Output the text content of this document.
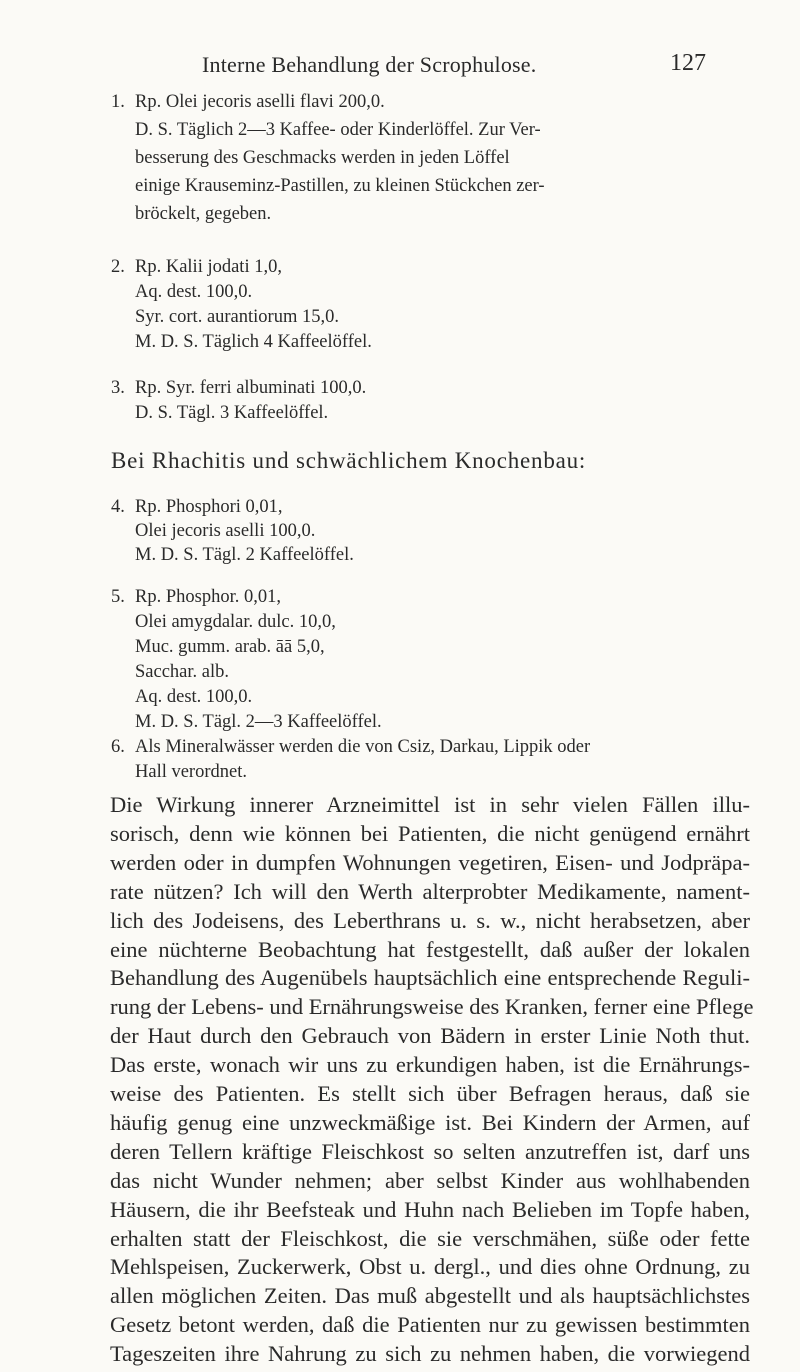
Interne Behandlung der Scrophulose.	127
1. Rp. Olei jecoris aselli flavi 200,0.
D. S. Täglich 2—3 Kaffee- oder Kinderlöffel. Zur Ver-
besserung des Geschmacks werden in jeden Löffel
einige Krauseminz-Pastillen, zu kleinen Stückchen zer-
bröckelt, gegeben.
2. Rp. Kalii jodati 1,0,
Aq. dest. 100,0.
Syr. cort. aurantiorum 15,0.
M. D. S. Täglich 4 Kaffeelöffel.
3. Rp. Syr. ferri albuminati 100,0.
D. S. Tägl. 3 Kaffeelöffel.
Bei Rhachitis und schwächlichem Knochenbau:
4. Rp. Phosphori 0,01,
Olei jecoris aselli 100,0.
M. D. S. Tägl. 2 Kaffeelöffel.
5. Rp. Phosphor. 0,01,
Olei amygdalar. dulc. 10,0,
Muc. gumm. arab. āā 5,0,
Sacchar. alb.
Aq. dest. 100,0.
M. D. S. Tägl. 2—3 Kaffeelöffel.
6. Als Mineralwässer werden die von Csiz, Darkau, Lippik oder
Hall verordnet.
Die Wirkung innerer Arzneimittel ist in sehr vielen Fällen illu-
sorisch, denn wie können bei Patienten, die nicht genügend ernährt
werden oder in dumpfen Wohnungen vegetiren, Eisen- und Jodpräpa-
rate nützen? Ich will den Werth alterprobter Medikamente, nament-
lich des Jodeisens, des Leberthrans u. s. w., nicht herabsetzen, aber
eine nüchterne Beobachtung hat festgestellt, daß außer der lokalen
Behandlung des Augenübels hauptsächlich eine entsprechende Reguli-
rung der Lebens- und Ernährungsweise des Kranken, ferner eine Pflege
der Haut durch den Gebrauch von Bädern in erster Linie Noth thut.
Das erste, wonach wir uns zu erkundigen haben, ist die Ernährungs-
weise des Patienten. Es stellt sich über Befragen heraus, daß sie
häufig genug eine unzweckmäßige ist. Bei Kindern der Armen, auf
deren Tellern kräftige Fleischkost so selten anzutreffen ist, darf uns
das nicht Wunder nehmen; aber selbst Kinder aus wohlhabenden
Häusern, die ihr Beefsteak und Huhn nach Belieben im Topfe haben,
erhalten statt der Fleischkost, die sie verschmähen, süße oder fette
Mehlspeisen, Zuckerwerk, Obst u. dergl., und dies ohne Ordnung, zu
allen möglichen Zeiten. Das muß abgestellt und als hauptsächlichstes
Gesetz betont werden, daß die Patienten nur zu gewissen bestimmten
Tageszeiten ihre Nahrung zu sich zu nehmen haben, die vorwiegend
